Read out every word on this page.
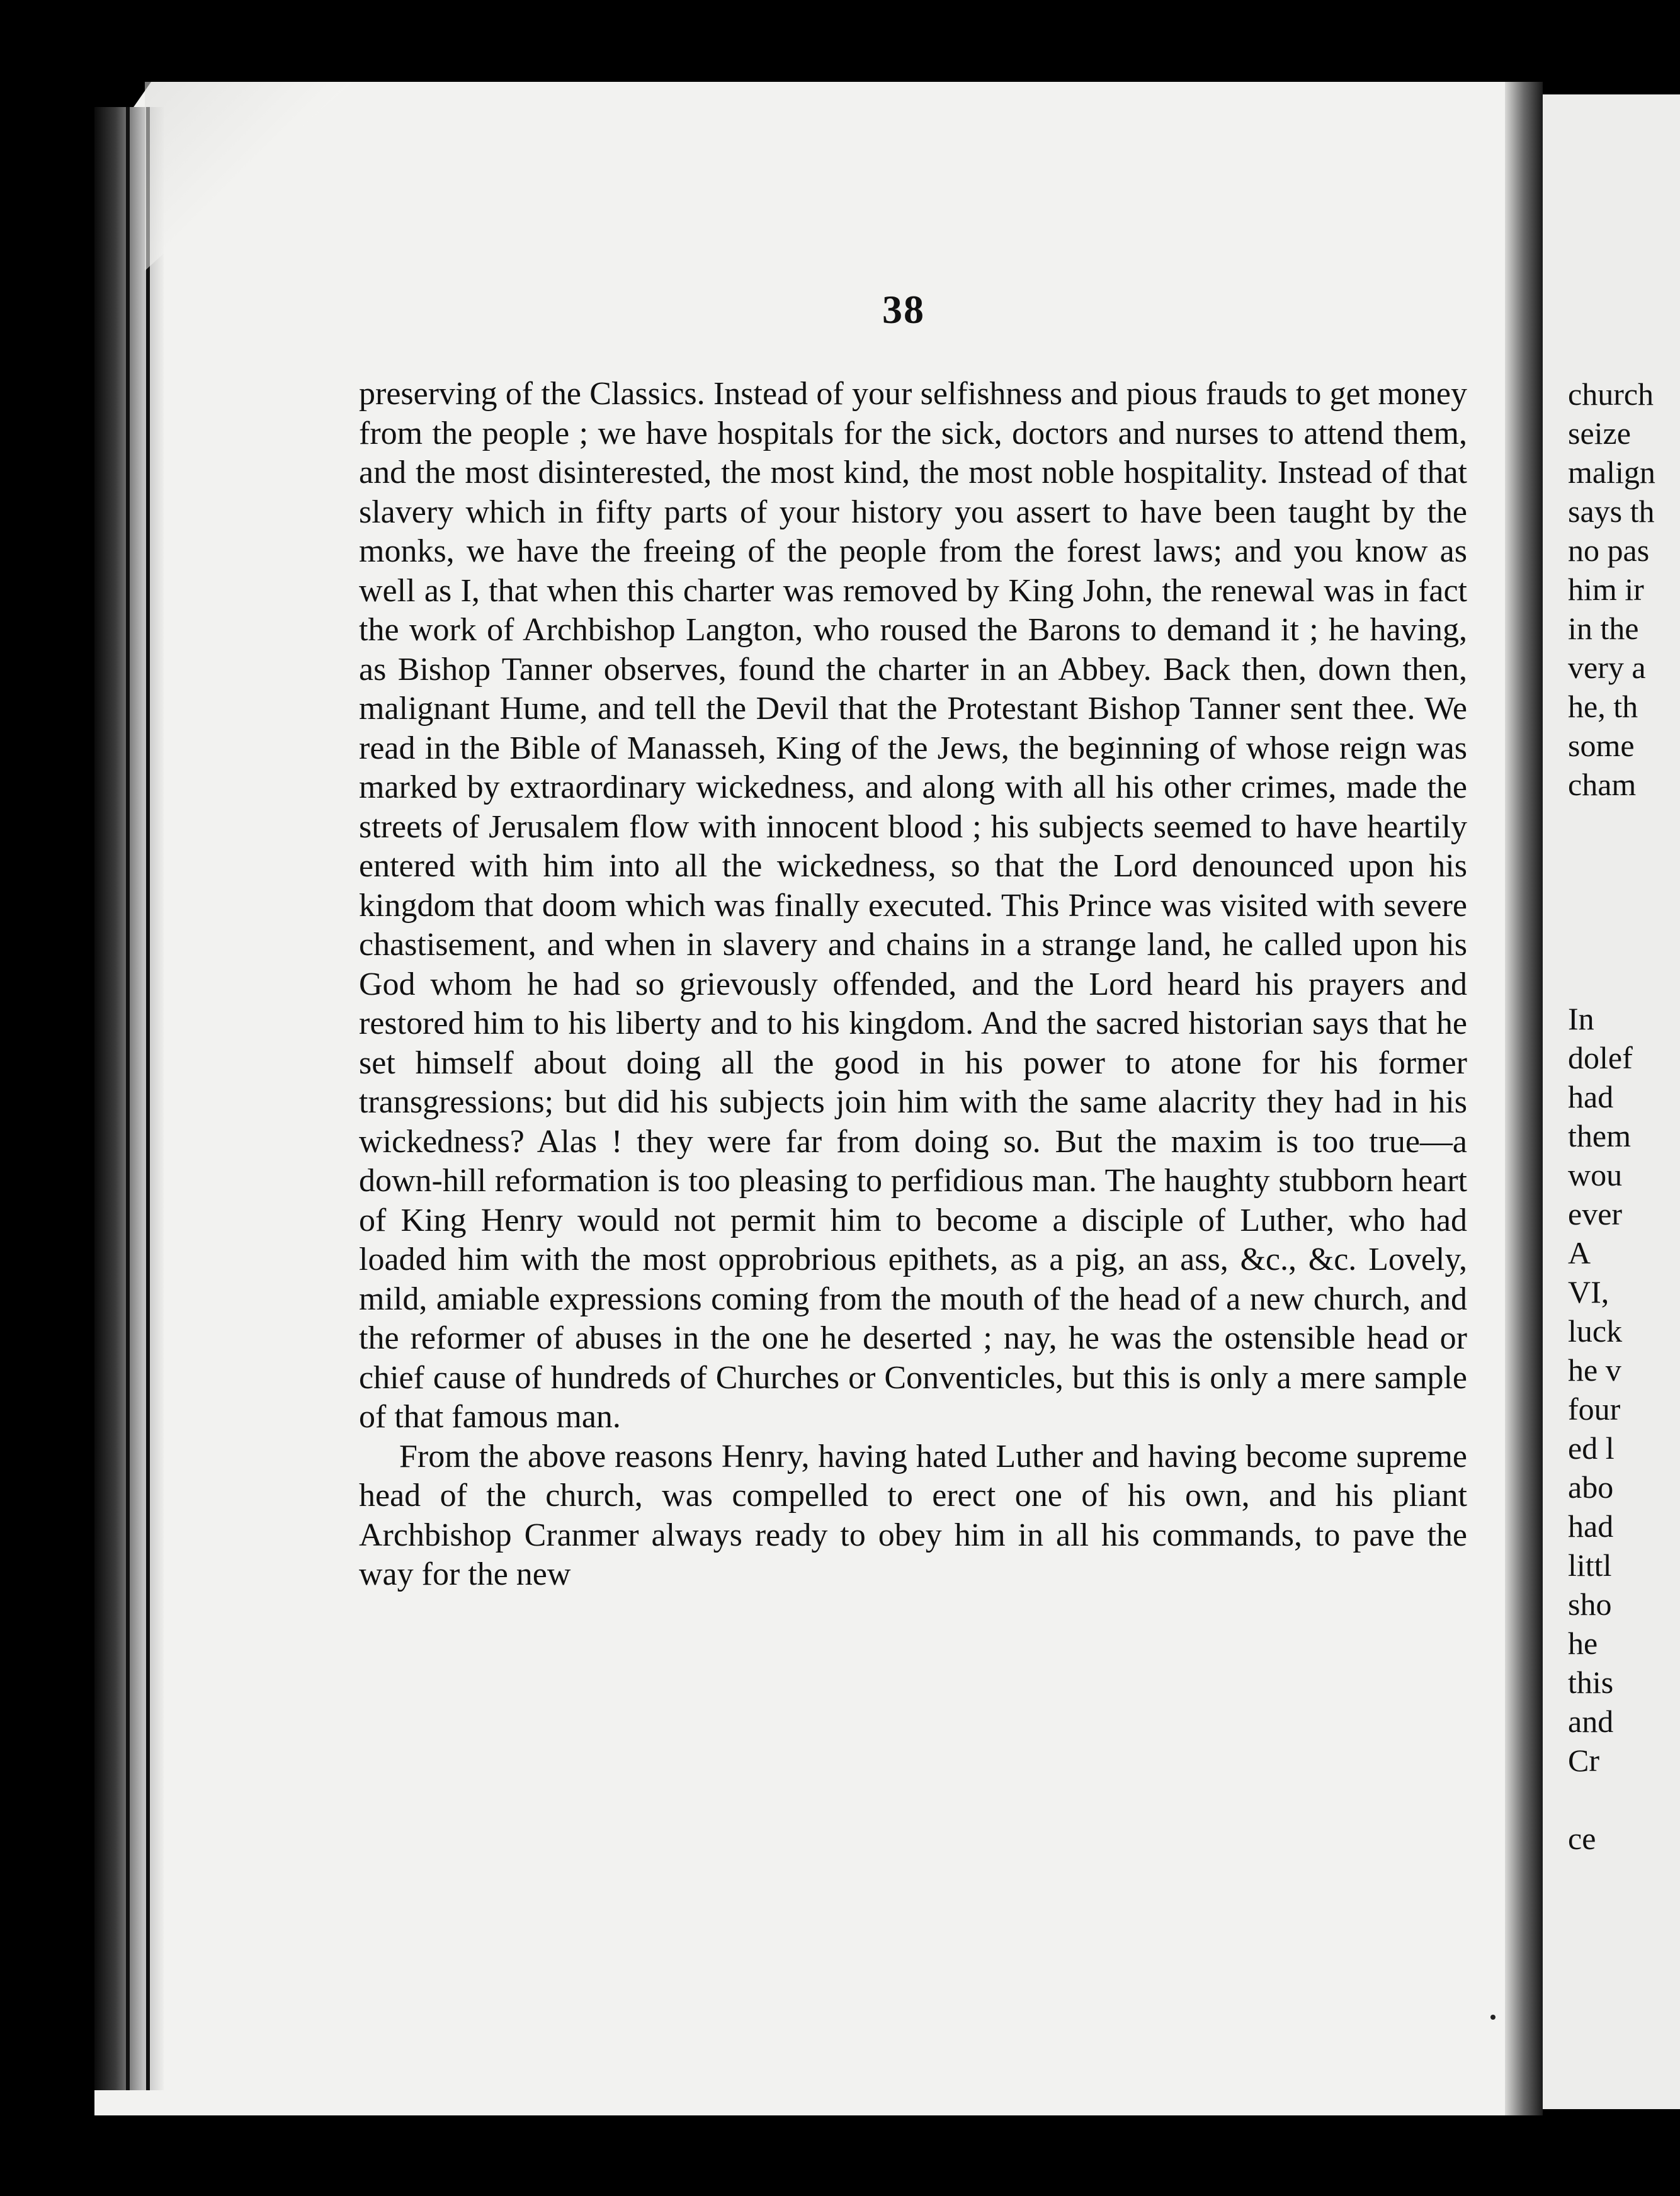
38

preserving of the Classics. Instead of your selfishness and pious frauds to get money from the people ; we have hospitals for the sick, doctors and nurses to attend them, and the most disinterested, the most kind, the most noble hospitality. Instead of that slavery which in fifty parts of your history you assert to have been taught by the monks, we have the freeing of the people from the forest laws; and you know as well as I, that when this charter was removed by King John, the renewal was in fact the work of Archbishop Langton, who roused the Barons to demand it ; he having, as Bishop Tanner observes, found the charter in an Abbey. Back then, down then, malignant Hume, and tell the Devil that the Protestant Bishop Tanner sent thee. We read in the Bible of Manasseh, King of the Jews, the beginning of whose reign was marked by extraordinary wickedness, and along with all his other crimes, made the streets of Jerusalem flow with innocent blood ; his subjects seemed to have heartily entered with him into all the wickedness, so that the Lord denounced upon his kingdom that doom which was finally executed. This Prince was visited with severe chastisement, and when in slavery and chains in a strange land, he called upon his God whom he had so grievously offended, and the Lord heard his prayers and restored him to his liberty and to his kingdom. And the sacred historian says that he set himself about doing all the good in his power to atone for his former transgressions; but did his subjects join him with the same alacrity they had in his wickedness? Alas ! they were far from doing so. But the maxim is too true—a down-hill reformation is too pleasing to perfidious man. The haughty stubborn heart of King Henry would not permit him to become a disciple of Luther, who had loaded him with the most opprobrious epithets, as a pig, an ass, &c., &c. Lovely, mild, amiable expressions coming from the mouth of the head of a new church, and the reformer of abuses in the one he deserted ; nay, he was the ostensible head or chief cause of hundreds of Churches or Conventicles, but this is only a mere sample of that famous man.

From the above reasons Henry, having hated Luther and having become supreme head of the church, was compelled to erect one of his own, and his pliant Archbishop Cranmer always ready to obey him in all his commands, to pave the way for the new

church
seize
malign
says th
no pas
him ir
in the
very a
he, th
some
cham
In
dolef
had
them
wou
ever
A
VI,
luck
he v
four
ed l
abo
had
littl
sho
he
this
and
Cr
ce
